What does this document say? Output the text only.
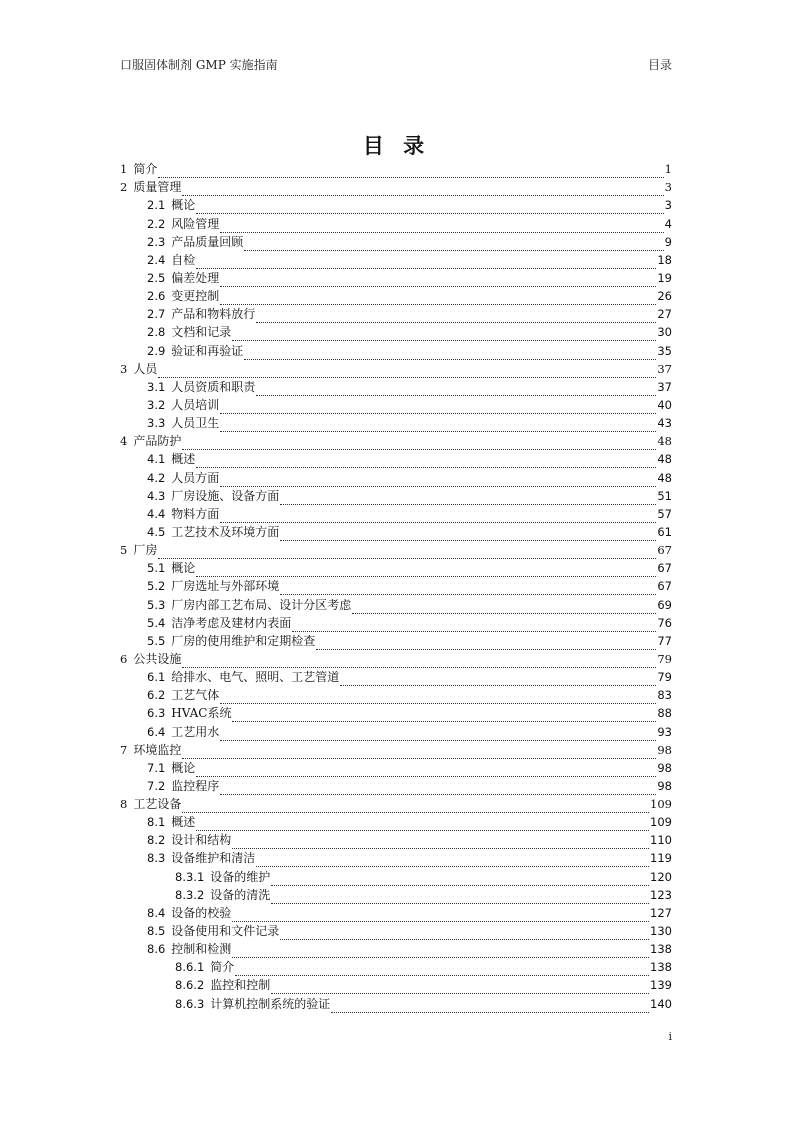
口服固体制剂 GMP 实施指南	目录
目 录
1 简介	1
2 质量管理	3
2.1 概论	3
2.2 风险管理	4
2.3 产品质量回顾	9
2.4 自检	18
2.5 偏差处理	19
2.6 变更控制	26
2.7 产品和物料放行	27
2.8 文档和记录	30
2.9 验证和再验证	35
3 人员	37
3.1 人员资质和职责	37
3.2 人员培训	40
3.3 人员卫生	43
4 产品防护	48
4.1 概述	48
4.2 人员方面	48
4.3 厂房设施、设备方面	51
4.4 物料方面	57
4.5 工艺技术及环境方面	61
5 厂房	67
5.1 概论	67
5.2 厂房选址与外部环境	67
5.3 厂房内部工艺布局、设计分区考虑	69
5.4 洁净考虑及建材内表面	76
5.5 厂房的使用维护和定期检查	77
6 公共设施	79
6.1 给排水、电气、照明、工艺管道	79
6.2 工艺气体	83
6.3 HVAC系统	88
6.4 工艺用水	93
7 环境监控	98
7.1 概论	98
7.2 监控程序	98
8 工艺设备	109
8.1 概述	109
8.2 设计和结构	110
8.3 设备维护和清洁	119
8.3.1 设备的维护	120
8.3.2 设备的清洗	123
8.4 设备的校验	127
8.5 设备使用和文件记录	130
8.6 控制和检测	138
8.6.1 简介	138
8.6.2 监控和控制	139
8.6.3 计算机控制系统的验证	140
i
